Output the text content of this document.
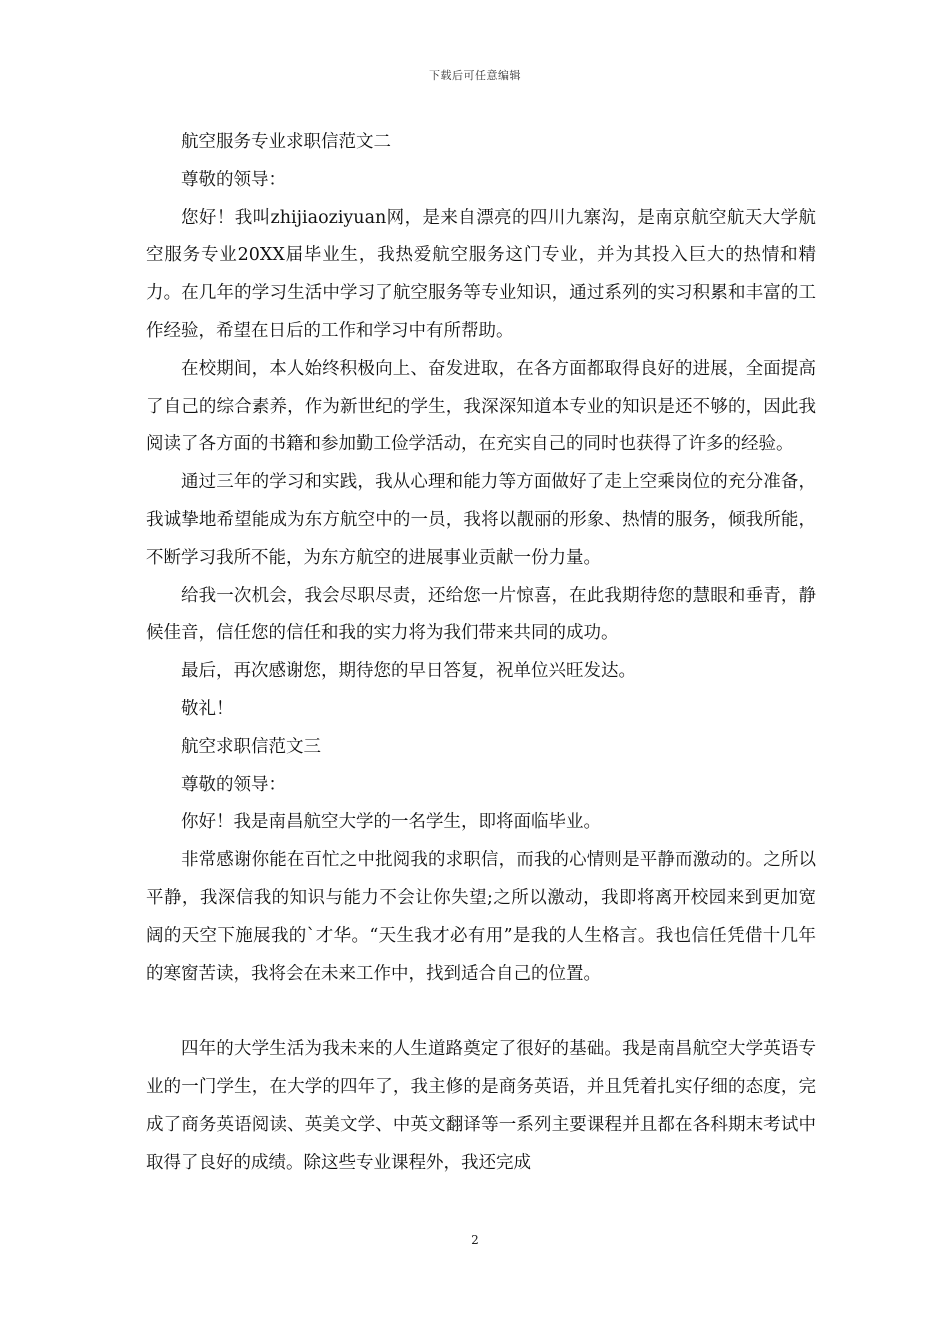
下载后可任意编辑

航空服务专业求职信范文二

尊敬的领导：

您好！我叫zhijiaoziyuan网，是来自漂亮的四川九寨沟，是南京航空航天大学航空服务专业20XX届毕业生，我热爱航空服务这门专业，并为其投入巨大的热情和精力。在几年的学习生活中学习了航空服务等专业知识，通过系列的实习积累和丰富的工作经验，希望在日后的工作和学习中有所帮助。

在校期间，本人始终积极向上、奋发进取，在各方面都取得良好的进展，全面提高了自己的综合素养，作为新世纪的学生，我深深知道本专业的知识是还不够的，因此我阅读了各方面的书籍和参加勤工俭学活动，在充实自己的同时也获得了许多的经验。

通过三年的学习和实践，我从心理和能力等方面做好了走上空乘岗位的充分准备，我诚挚地希望能成为东方航空中的一员，我将以靓丽的形象、热情的服务，倾我所能，不断学习我所不能，为东方航空的进展事业贡献一份力量。

给我一次机会，我会尽职尽责，还给您一片惊喜，在此我期待您的慧眼和垂青，静候佳音，信任您的信任和我的实力将为我们带来共同的成功。

最后，再次感谢您，期待您的早日答复，祝单位兴旺发达。

敬礼！

航空求职信范文三

尊敬的领导：

你好！我是南昌航空大学的一名学生，即将面临毕业。

非常感谢你能在百忙之中批阅我的求职信，而我的心情则是平静而激动的。之所以平静，我深信我的知识与能力不会让你失望;之所以激动，我即将离开校园来到更加宽阔的天空下施展我的`才华。“天生我才必有用”是我的人生格言。我也信任凭借十几年的寒窗苦读，我将会在未来工作中，找到适合自己的位置。

四年的大学生活为我未来的人生道路奠定了很好的基础。我是南昌航空大学英语专业的一门学生，在大学的四年了，我主修的是商务英语，并且凭着扎实仔细的态度，完成了商务英语阅读、英美文学、中英文翻译等一系列主要课程并且都在各科期末考试中取得了良好的成绩。除这些专业课程外，我还完成

2
